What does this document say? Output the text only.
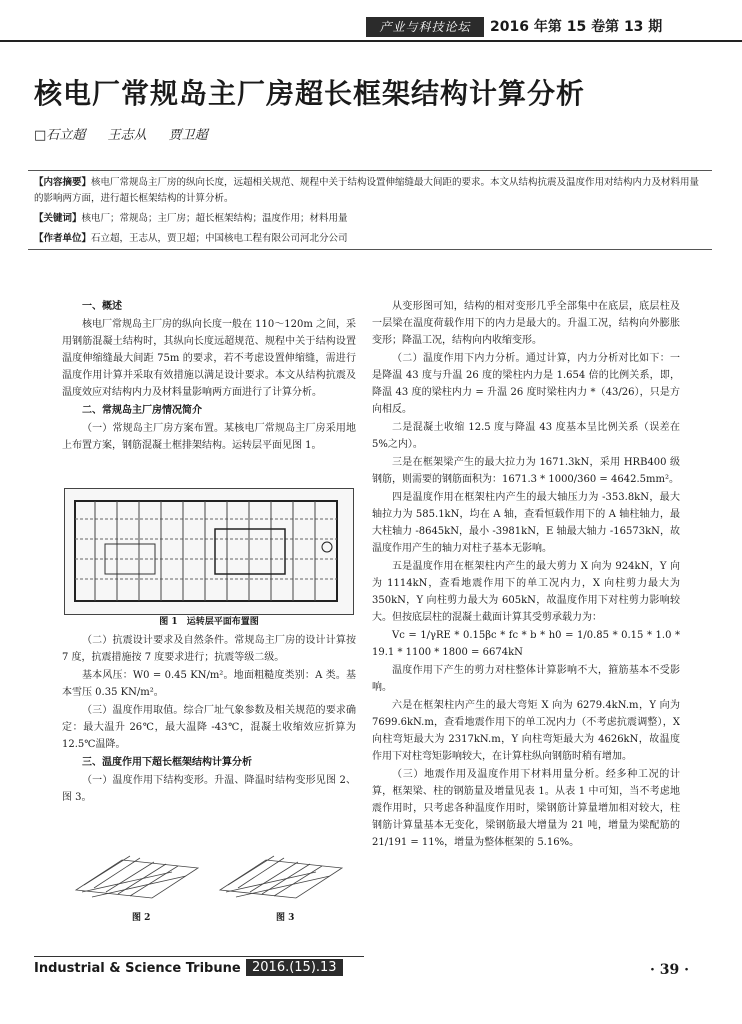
产业与科技论坛	2016 年第 15 卷第 13 期
核电厂常规岛主厂房超长框架结构计算分析
□石立超 王志从 贾卫超

【内容摘要】核电厂常规岛主厂房的纵向长度，远超相关规范、规程中关于结构设置伸缩缝最大间距的要求。本文从结构抗震及温度作用对结构内力及材料用量的影响两方面，进行超长框架结构的计算分析。

【关键词】核电厂；常规岛；主厂房；超长框架结构；温度作用；材料用量

【作者单位】石立超，王志从，贾卫超；中国核电工程有限公司河北分公司

一、概述

核电厂常规岛主厂房的纵向长度一般在 110～120m 之间，采用钢筋混凝土结构时，其纵向长度远超规范、规程中关于结构设置温度伸缩缝最大间距 75m 的要求，若不考虑设置伸缩缝，需进行温度作用计算并采取有效措施以满足设计要求。本文从结构抗震及温度效应对结构内力及材料量影响两方面进行了计算分析。

二、常规岛主厂房情况简介

（一）常规岛主厂房方案布置。某核电厂常规岛主厂房采用地上布置方案，钢筋混凝土框排架结构。运转层平面见图 1。

图 1　运转层平面布置图

（二）抗震设计要求及自然条件。常规岛主厂房的设计计算按 7 度，抗震措施按 7 度要求进行；抗震等级二级。

基本风压：W0 = 0.45 KN/m²。地面粗糙度类别：A 类。基本雪压 0.35 KN/m²。

（三）温度作用取值。综合厂址气象参数及相关规范的要求确定：最大温升 26℃，最大温降 -43℃，混凝土收缩效应折算为 12.5℃温降。

三、温度作用下超长框架结构计算分析

（一）温度作用下结构变形。升温、降温时结构变形见图 2、图 3。

图 2	图 3

从变形图可知，结构的相对变形几乎全部集中在底层，底层柱及一层梁在温度荷载作用下的内力是最大的。升温工况，结构向外膨胀变形；降温工况，结构向内收缩变形。

（二）温度作用下内力分析。通过计算，内力分析对比如下：一是降温 43 度与升温 26 度的梁柱内力是 1.654 倍的比例关系，即，降温 43 度的梁柱内力 = 升温 26 度时梁柱内力 *（43/26），只是方向相反。

二是混凝土收缩 12.5 度与降温 43 度基本呈比例关系（误差在 5%之内）。

三是在框架梁产生的最大拉力为 1671.3kN，采用 HRB400 级钢筋，则需要的钢筋面积为：1671.3 * 1000/360 = 4642.5mm²。

四是温度作用在框架柱内产生的最大轴压力为 -353.8kN，最大轴拉力为 585.1kN，均在 A 轴，查看恒载作用下的 A 轴柱轴力，最大柱轴力 -8645kN，最小 -3981kN，E 轴最大轴力 -16573kN，故温度作用产生的轴力对柱子基本无影响。

五是温度作用在框架柱内产生的最大剪力 X 向为 924kN，Y 向为 1114kN，查看地震作用下的单工况内力，X 向柱剪力最大为 350kN，Y 向柱剪力最大为 605kN，故温度作用下对柱剪力影响较大。但按底层柱的混凝土截面计算其受剪承载力为：

Vc = 1/γRE * 0.15βc * fc * b * h0 = 1/0.85 * 0.15 * 1.0 * 19.1 * 1100 * 1800 = 6674kN

温度作用下产生的剪力对柱整体计算影响不大，箍筋基本不受影响。

六是在框架柱内产生的最大弯矩 X 向为 6279.4kN.m，Y 向为 7699.6kN.m，查看地震作用下的单工况内力（不考虑抗震调整），X 向柱弯矩最大为 2317kN.m，Y 向柱弯矩最大为 4626kN，故温度作用下对柱弯矩影响较大，在计算柱纵向钢筋时稍有增加。

（三）地震作用及温度作用下材料用量分析。经多种工况的计算，框架梁、柱的钢筋量及增量见表 1。从表 1 中可知，当不考虑地震作用时，只考虑各种温度作用时，梁钢筋计算量增加相对较大，柱钢筋计算量基本无变化，梁钢筋最大增量为 21 吨，增量为梁配筋的 21/191 = 11%，增量为整体框架的 5.16%。

Industrial & Science Tribune 2016.(15).13	· 39 ·
